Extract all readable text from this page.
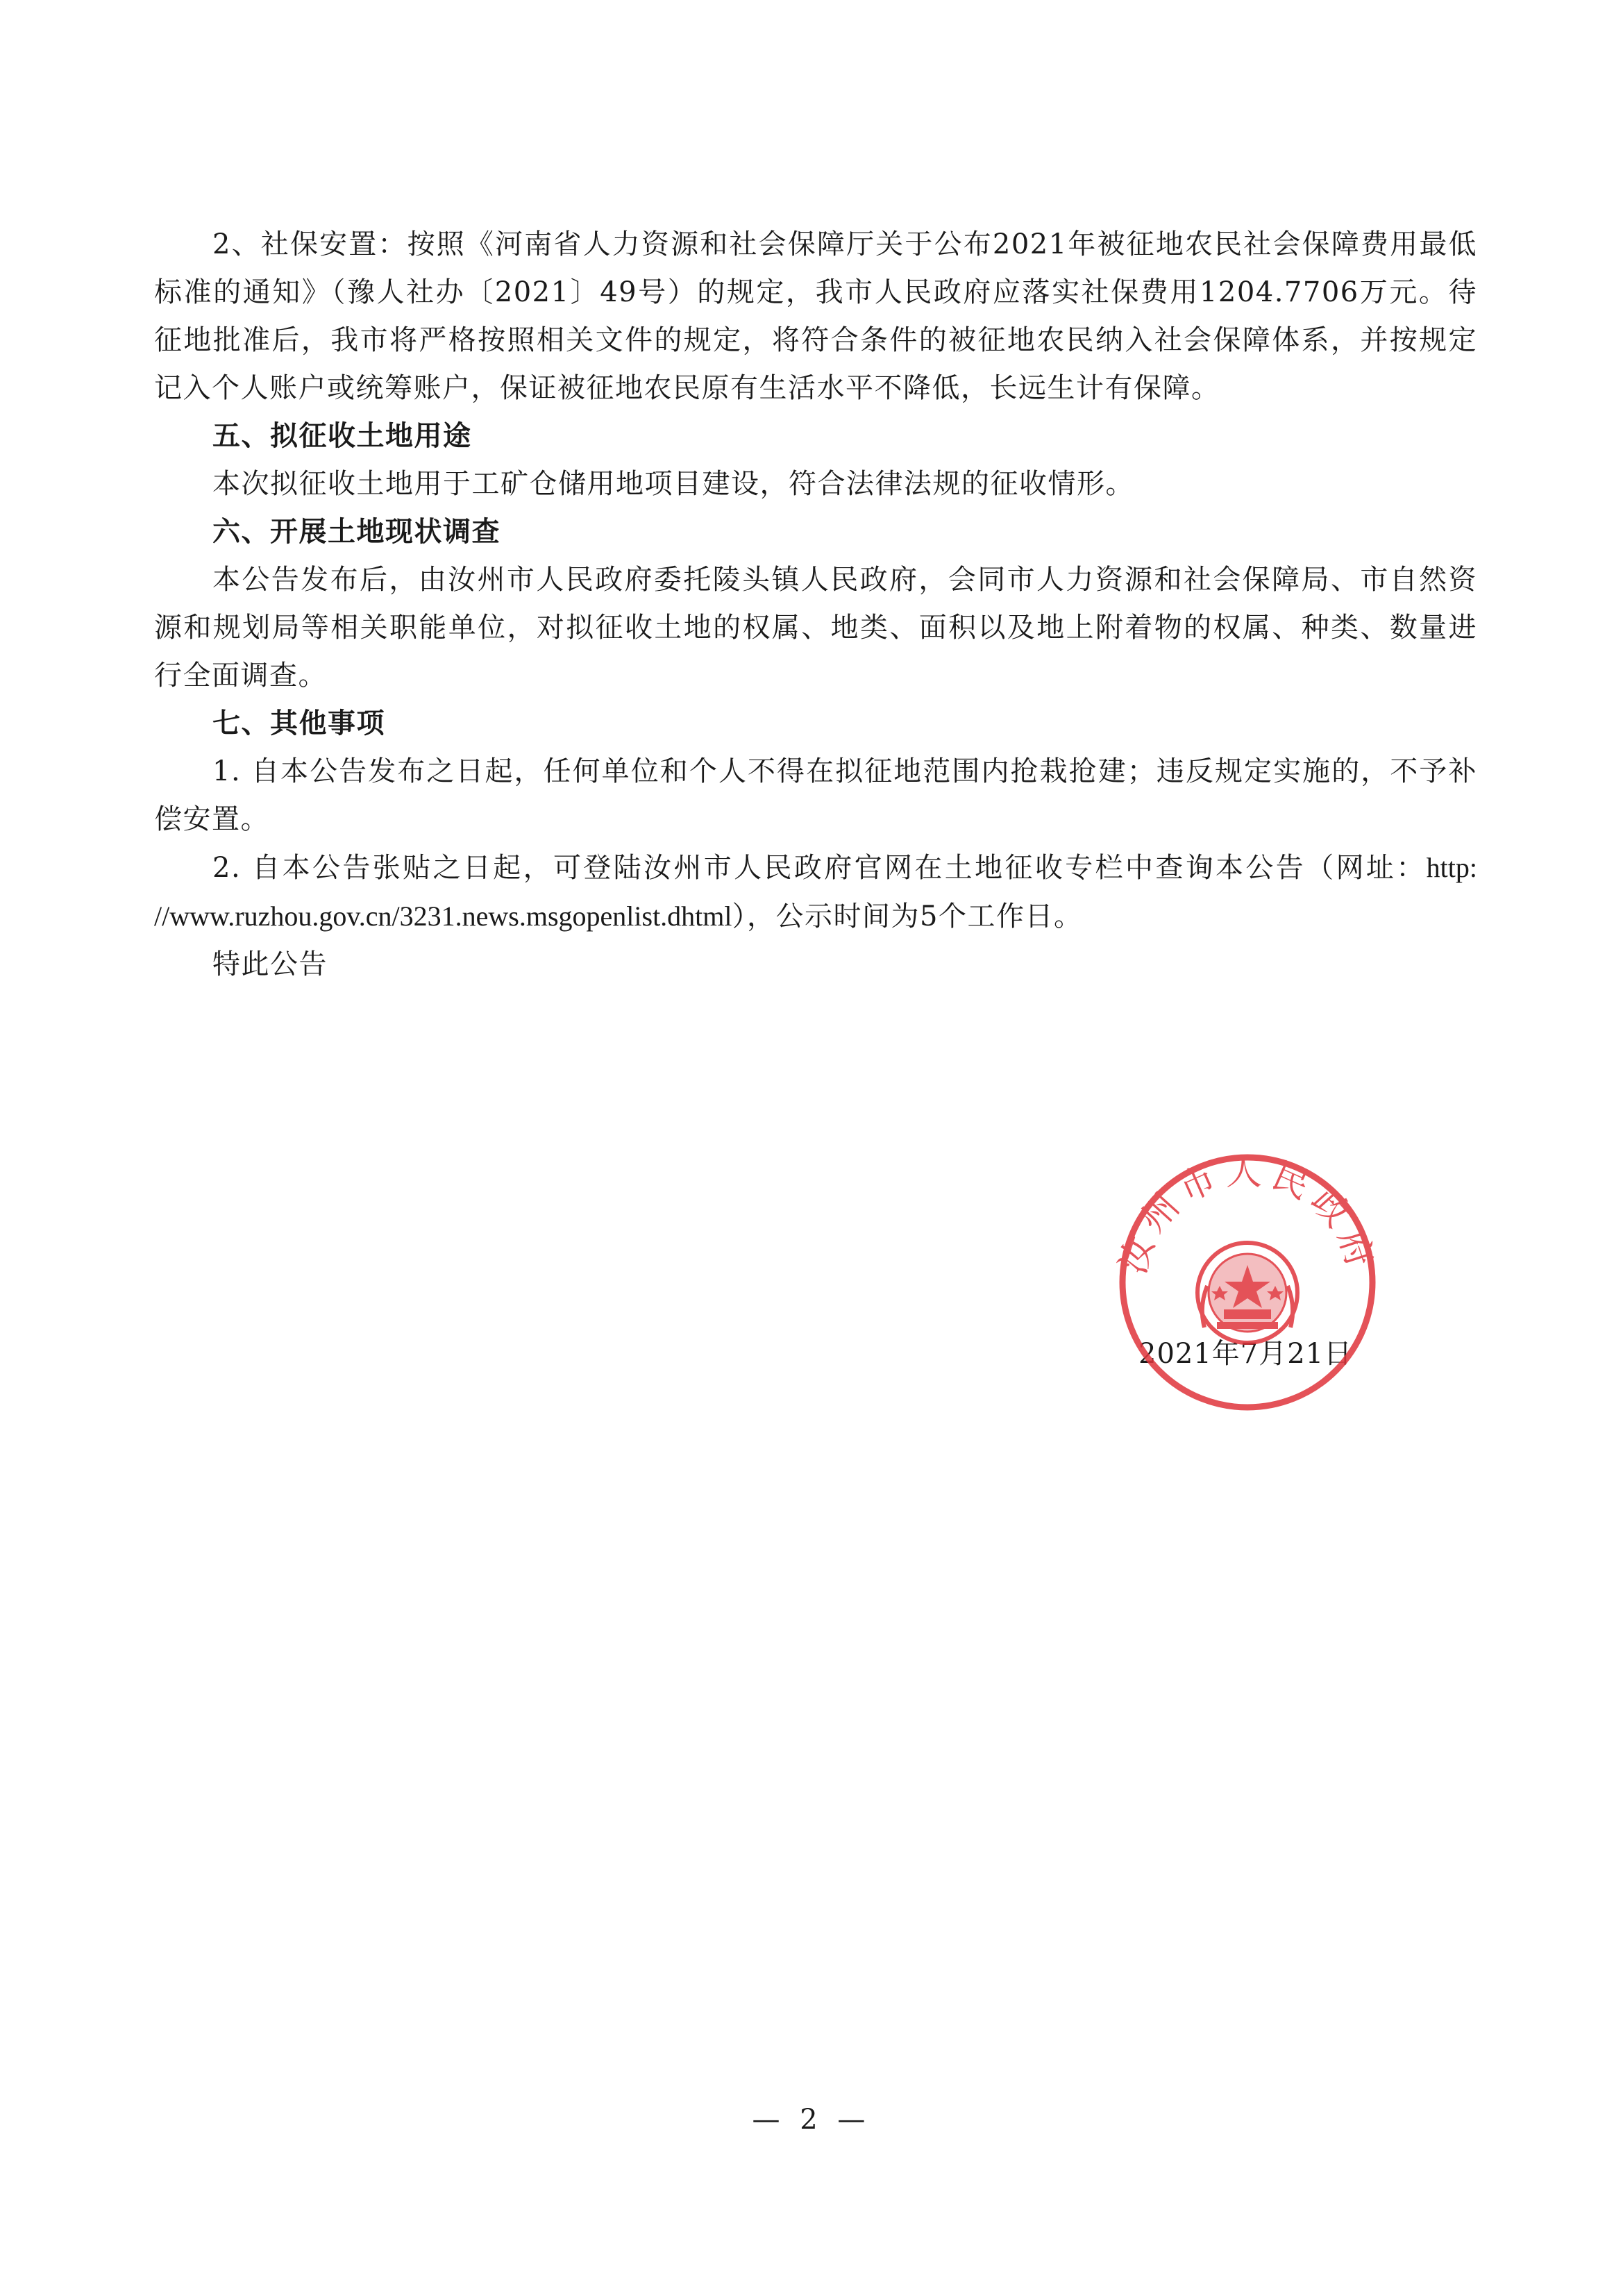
2、社保安置：按照《河南省人力资源和社会保障厅关于公布2021年被征地农民社会保障费用最低标准的通知》（豫人社办〔2021〕49号）的规定，我市人民政府应落实社保费用1204.7706万元。待征地批准后，我市将严格按照相关文件的规定，将符合条件的被征地农民纳入社会保障体系，并按规定记入个人账户或统筹账户，保证被征地农民原有生活水平不降低，长远生计有保障。

五、拟征收土地用途

本次拟征收土地用于工矿仓储用地项目建设，符合法律法规的征收情形。

六、开展土地现状调查

本公告发布后，由汝州市人民政府委托陵头镇人民政府，会同市人力资源和社会保障局、市自然资源和规划局等相关职能单位，对拟征收土地的权属、地类、面积以及地上附着物的权属、种类、数量进行全面调查。

七、其他事项

1. 自本公告发布之日起，任何单位和个人不得在拟征地范围内抢栽抢建；违反规定实施的，不予补偿安置。

2. 自本公告张贴之日起，可登陆汝州市人民政府官网在土地征收专栏中查询本公告（网址：http: //www.ruzhou.gov.cn/3231.news.msgopenlist.dhtml），公示时间为5个工作日。

特此公告

2021年7月21日
汝州市人民政府
— 2 —
